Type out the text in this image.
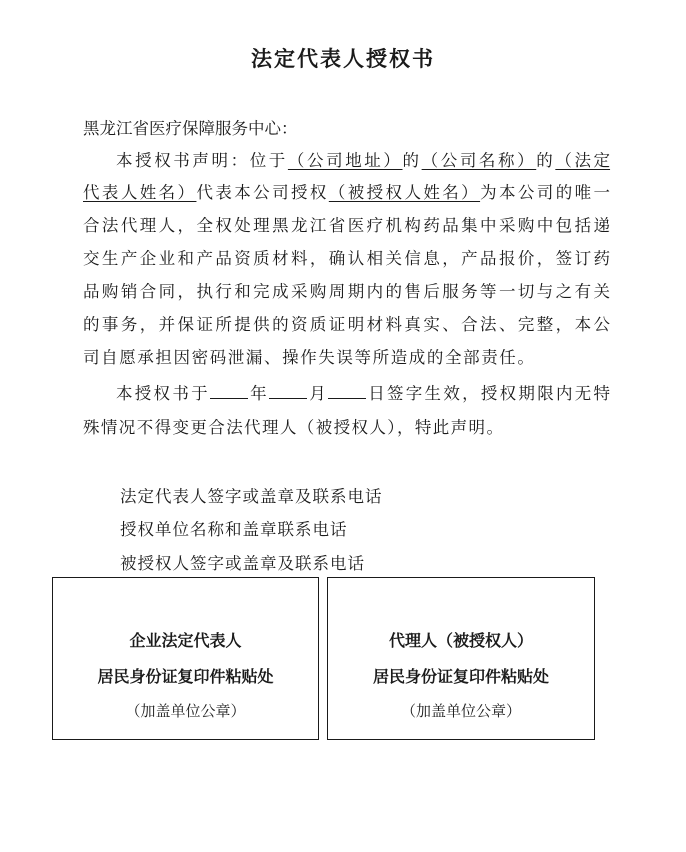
法定代表人授权书
黑龙江省医疗保障服务中心：
本授权书声明：位于（公司地址）的（公司名称）的（法定
代表人姓名）代表本公司授权（被授权人姓名）为本公司的唯一
合法代理人，全权处理黑龙江省医疗机构药品集中采购中包括递
交生产企业和产品资质材料，确认相关信息，产品报价，签订药
品购销合同，执行和完成采购周期内的售后服务等一切与之有关
的事务，并保证所提供的资质证明材料真实、合法、完整，本公
司自愿承担因密码泄漏、操作失误等所造成的全部责任。
本授权书于 年 月 日签字生效，授权期限内无特
殊情况不得变更合法代理人（被授权人），特此声明。
法定代表人签字或盖章及联系电话
授权单位名称和盖章联系电话
被授权人签字或盖章及联系电话
企业法定代表人
居民身份证复印件粘贴处
（加盖单位公章）
代理人（被授权人）
居民身份证复印件粘贴处
（加盖单位公章）
